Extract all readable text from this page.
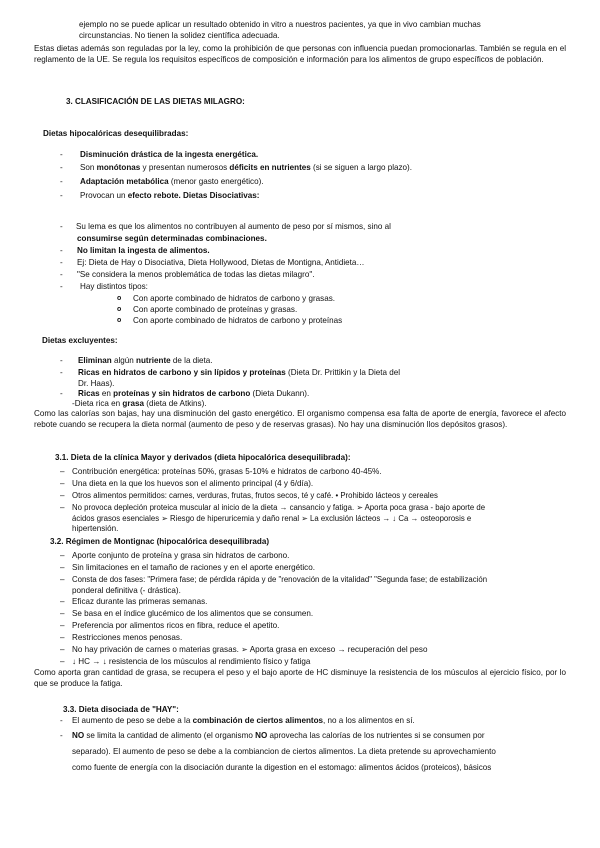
ejemplo no se puede aplicar un resultado obtenido in vitro a nuestros pacientes, ya que in vivo cambian muchas
circunstancias. No tienen la solidez científica adecuada.

Estas dietas además son reguladas por la ley, como la prohibición de que personas con influencia puedan promocionarlas. También se regula en el reglamento de la UE. Se regula los requisitos específicos de composición e información para los alimentos de grupo específicos de población.

3. CLASIFICACIÓN DE LAS DIETAS MILAGRO:
Dietas hipocalóricas desequilibradas:
-	Disminución drástica de la ingesta energética.
-	Son monótonas y presentan numerosos déficits en nutrientes (si se siguen a largo plazo).
-	Adaptación metabólica (menor gasto energético).
-	Provocan un efecto rebote. Dietas Disociativas:
-	Su lema es que los alimentos no contribuyen al aumento de peso por sí mismos, sino al
consumirse según determinadas combinaciones.
-	No limitan la ingesta de alimentos.
-	Ej: Dieta de Hay o Disociativa, Dieta Hollywood, Dietas de Montigna, Antidieta…
-	"Se considera la menos problemática de todas las dietas milagro".
-	Hay distintos tipos:
o Con aporte combinado de hidratos de carbono y grasas.
o Con aporte combinado de proteínas y grasas.
o Con aporte combinado de hidratos de carbono y proteínas
Dietas excluyentes:
-	Eliminan algún nutriente de la dieta.
-	Ricas en hidratos de carbono y sin lípidos y proteínas (Dieta Dr. Prittikin y la Dieta del
Dr. Haas).
-	Ricas en proteínas y sin hidratos de carbono (Dieta Dukann).
-Dieta rica en grasa (dieta de Atkins).

Como las calorías son bajas, hay una disminución del gasto energético. El organismo compensa esa falta de aporte de energía, favorece el afecto rebote cuando se recupera la dieta normal (aumento de peso y de reservas grasas). No hay una disminución llos depósitos grasos).

3.1. Dieta de la clínica Mayor y derivados (dieta hipocalórica desequilibrada):
– Contribución energética: proteínas 50%, grasas 5-10% e hidratos de carbono 40-45%.
– Una dieta en la que los huevos son el alimento principal (4 y 6/día).
– Otros alimentos permitidos: carnes, verduras, frutas, frutos secos, té y café. • Prohibido lácteos y cereales
– No provoca depleción proteica muscular al inicio de la dieta → cansancio y fatiga. ➢ Aporta poca grasa - bajo aporte de
ácidos grasos esenciales ➢ Riesgo de hiperuricemia y daño renal ➢ La exclusión lácteos → ↓ Ca → osteoporosis e
hipertensión.
3.2. Régimen de Montignac (hipocalórica desequilibrada)
– Aporte conjunto de proteína y grasa sin hidratos de carbono.
– Sin limitaciones en el tamaño de raciones y en el aporte energético.
– Consta de dos fases: "Primera fase; de pérdida rápida y de "renovación de la vitalidad" "Segunda fase; de estabilización
ponderal definitiva (- drástica).
– Eficaz durante las primeras semanas.
– Se basa en el índice glucémico de los alimentos que se consumen.
– Preferencia por alimentos ricos en fibra, reduce el apetito.
– Restricciones menos penosas.
– No hay privación de carnes o materias grasas. ➢ Aporta grasa en exceso → recuperación del peso
– ↓ HC → ↓ resistencia de los músculos al rendimiento físico y fatiga

Como aporta gran cantidad de grasa, se recupera el peso y el bajo aporte de HC disminuye la resistencia de los músculos al ejercicio físico, por lo que se produce la fatiga.

3.3. Dieta disociada de "HAY":
-	El aumento de peso se debe a la combinación de ciertos alimentos, no a los alimentos en sí.
-	NO se limita la cantidad de alimento (el organismo NO aprovecha las calorías de los nutrientes si se consumen por
separado). El aumento de peso se debe a la combiancion de ciertos alimentos. La dieta pretende su aprovechamiento
como fuente de energía con la disociación durante la digestion en el estomago: alimentos ácidos (proteicos), básicos
